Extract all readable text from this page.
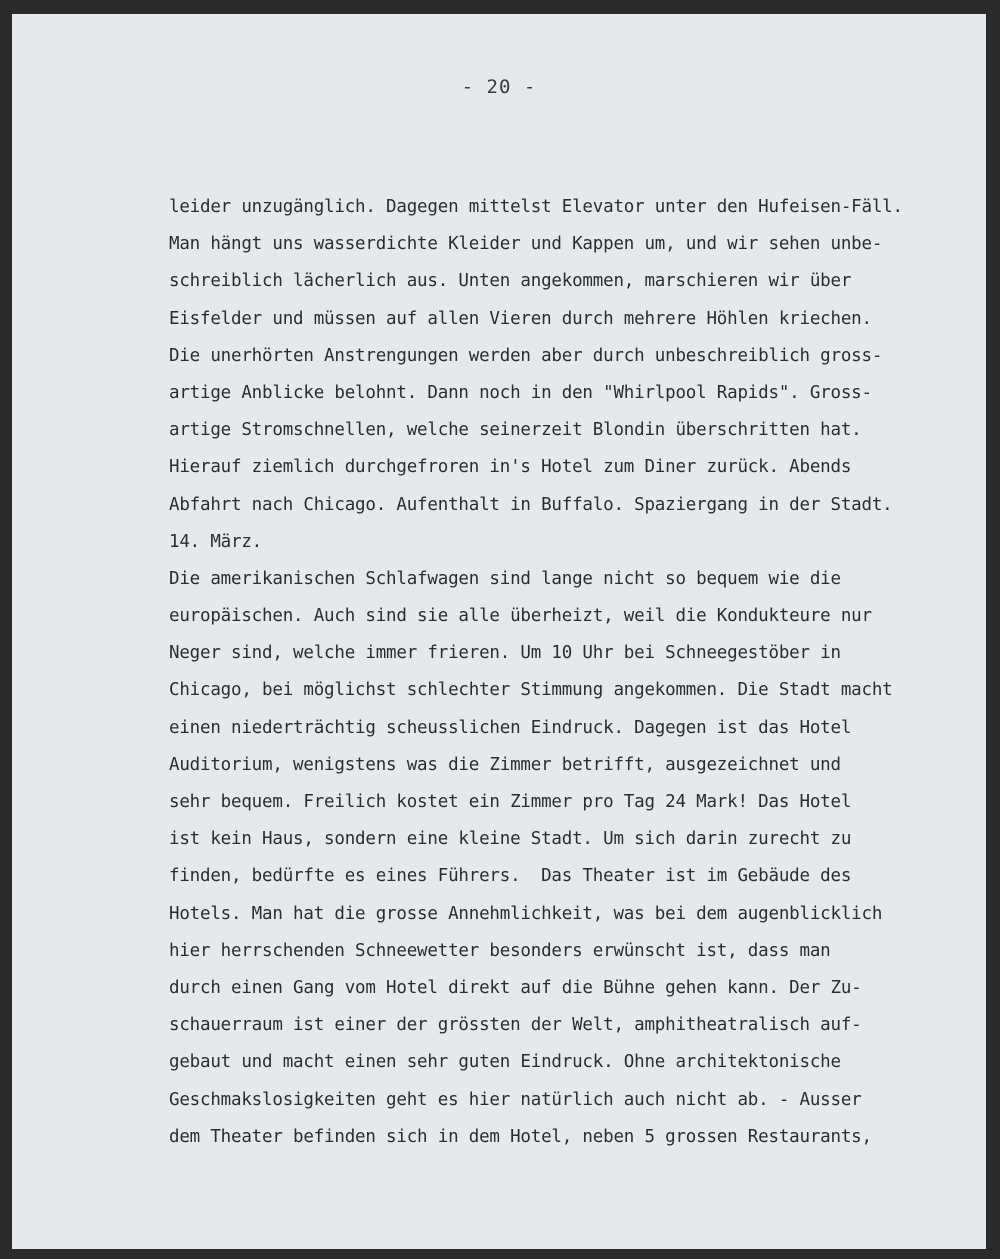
- 20 -
leider unzugänglich. Dagegen mittelst Elevator unter den Hufeisen-Fäll.
Man hängt uns wasserdichte Kleider und Kappen um, und wir sehen unbe-
schreiblich lächerlich aus. Unten angekommen, marschieren wir über
Eisfelder und müssen auf allen Vieren durch mehrere Höhlen kriechen.
Die unerhörten Anstrengungen werden aber durch unbeschreiblich gross-
artige Anblicke belohnt. Dann noch in den "Whirlpool Rapids". Gross-
artige Stromschnellen, welche seinerzeit Blondin überschritten hat.
Hierauf ziemlich durchgefroren in's Hotel zum Diner zurück. Abends
Abfahrt nach Chicago. Aufenthalt in Buffalo. Spaziergang in der Stadt.
14. März.
Die amerikanischen Schlafwagen sind lange nicht so bequem wie die
europäischen. Auch sind sie alle überheizt, weil die Kondukteure nur
Neger sind, welche immer frieren. Um 10 Uhr bei Schneegestöber in
Chicago, bei möglichst schlechter Stimmung angekommen. Die Stadt macht
einen niederträchtig scheusslichen Eindruck. Dagegen ist das Hotel
Auditorium, wenigstens was die Zimmer betrifft, ausgezeichnet und
sehr bequem. Freilich kostet ein Zimmer pro Tag 24 Mark! Das Hotel
ist kein Haus, sondern eine kleine Stadt. Um sich darin zurecht zu
finden, bedürfte es eines Führers.  Das Theater ist im Gebäude des
Hotels. Man hat die grosse Annehmlichkeit, was bei dem augenblicklich
hier herrschenden Schneewetter besonders erwünscht ist, dass man
durch einen Gang vom Hotel direkt auf die Bühne gehen kann. Der Zu-
schauerraum ist einer der grössten der Welt, amphitheatralisch auf-
gebaut und macht einen sehr guten Eindruck. Ohne architektonische
Geschmakslosigkeiten geht es hier natürlich auch nicht ab. - Ausser
dem Theater befinden sich in dem Hotel, neben 5 grossen Restaurants,
